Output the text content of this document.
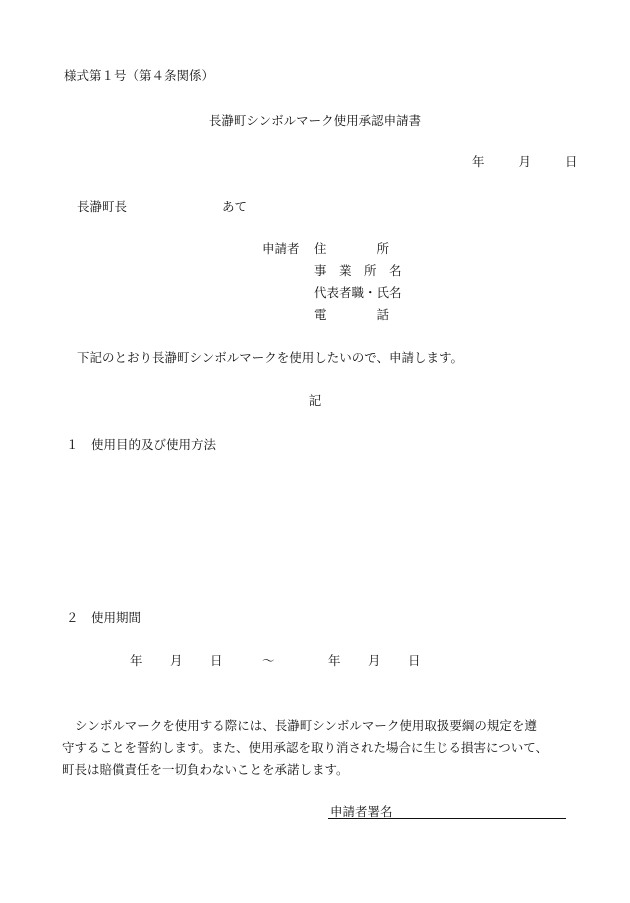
様式第１号（第４条関係）
長瀞町シンボルマーク使用承認申請書
年	月	日
長瀞町長	あて
申請者 住　　　　所
事　業　所　名
代表者職・氏名
電　　　　話
下記のとおり長瀞町シンボルマークを使用したいので、申請します。
記
１　使用目的及び使用方法
２　使用期間
年 月 日	～	年 月 日
シンボルマークを使用する際には、長瀞町シンボルマーク使用取扱要綱の規定を遵
守することを誓約します。また、使用承認を取り消された場合に生じる損害について、
町長は賠償責任を一切負わないことを承諾します。
申請者署名
